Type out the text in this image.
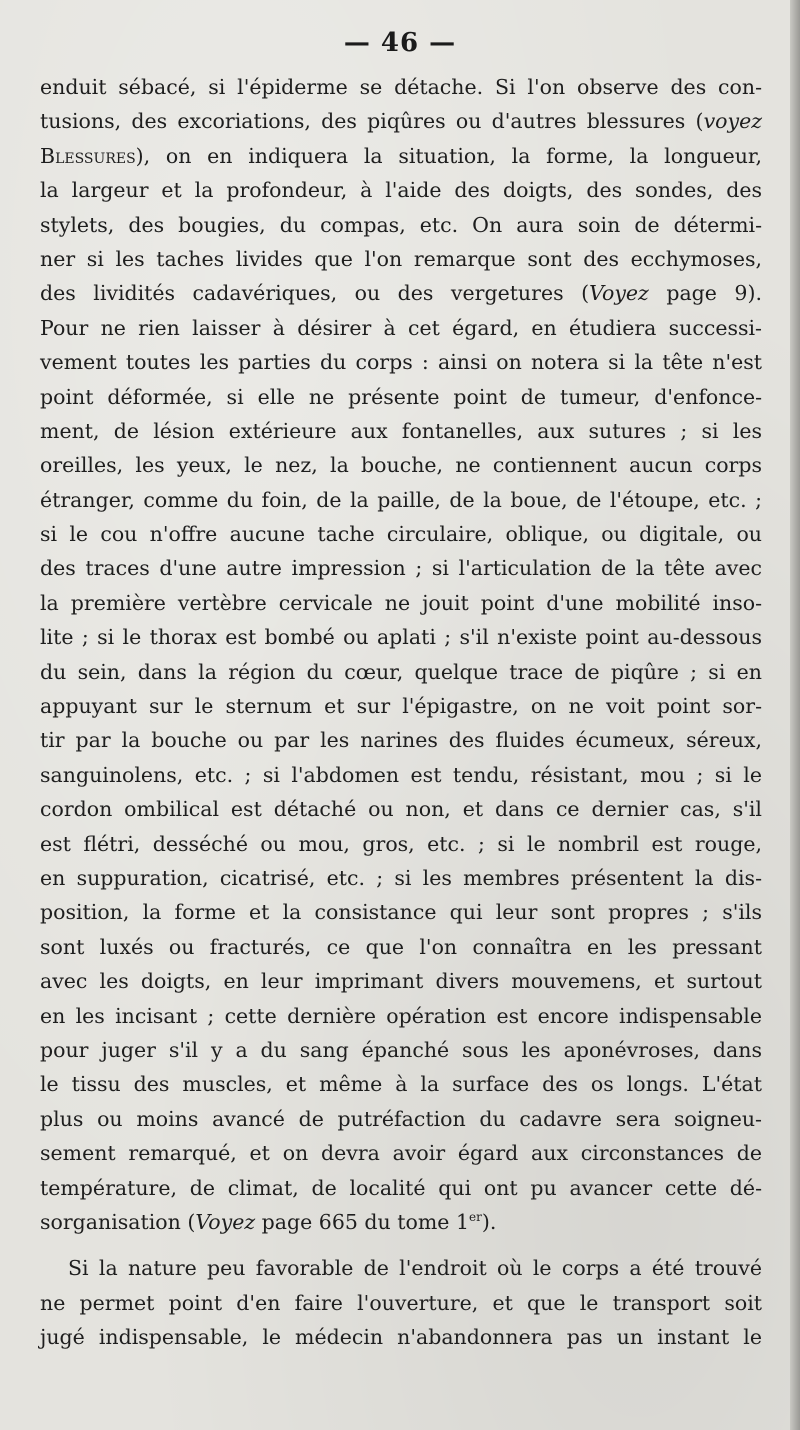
— 46 —
enduit sébacé, si l'épiderme se détache. Si l'on observe des con-
tusions, des excoriations, des piqûres ou d'autres blessures (voyez
Blessures), on en indiquera la situation, la forme, la longueur,
la largeur et la profondeur, à l'aide des doigts, des sondes, des
stylets, des bougies, du compas, etc. On aura soin de détermi-
ner si les taches livides que l'on remarque sont des ecchymoses,
des lividités cadavériques, ou des vergetures (Voyez page 9).
Pour ne rien laisser à désirer à cet égard, en étudiera successi-
vement toutes les parties du corps : ainsi on notera si la tête n'est
point déformée, si elle ne présente point de tumeur, d'enfonce-
ment, de lésion extérieure aux fontanelles, aux sutures ; si les
oreilles, les yeux, le nez, la bouche, ne contiennent aucun corps
étranger, comme du foin, de la paille, de la boue, de l'étoupe, etc. ;
si le cou n'offre aucune tache circulaire, oblique, ou digitale, ou
des traces d'une autre impression ; si l'articulation de la tête avec
la première vertèbre cervicale ne jouit point d'une mobilité inso-
lite ; si le thorax est bombé ou aplati ; s'il n'existe point au-dessous
du sein, dans la région du cœur, quelque trace de piqûre ; si en
appuyant sur le sternum et sur l'épigastre, on ne voit point sor-
tir par la bouche ou par les narines des fluides écumeux, séreux,
sanguinolens, etc. ; si l'abdomen est tendu, résistant, mou ; si le
cordon ombilical est détaché ou non, et dans ce dernier cas, s'il
est flétri, desséché ou mou, gros, etc. ; si le nombril est rouge,
en suppuration, cicatrisé, etc. ; si les membres présentent la dis-
position, la forme et la consistance qui leur sont propres ; s'ils
sont luxés ou fracturés, ce que l'on connaîtra en les pressant
avec les doigts, en leur imprimant divers mouvemens, et surtout
en les incisant ; cette dernière opération est encore indispensable
pour juger s'il y a du sang épanché sous les aponévroses, dans
le tissu des muscles, et même à la surface des os longs. L'état
plus ou moins avancé de putréfaction du cadavre sera soigneu-
sement remarqué, et on devra avoir égard aux circonstances de
température, de climat, de localité qui ont pu avancer cette dé-
sorganisation (Voyez page 665 du tome 1er).
Si la nature peu favorable de l'endroit où le corps a été trouvé
ne permet point d'en faire l'ouverture, et que le transport soit
jugé indispensable, le médecin n'abandonnera pas un instant le
